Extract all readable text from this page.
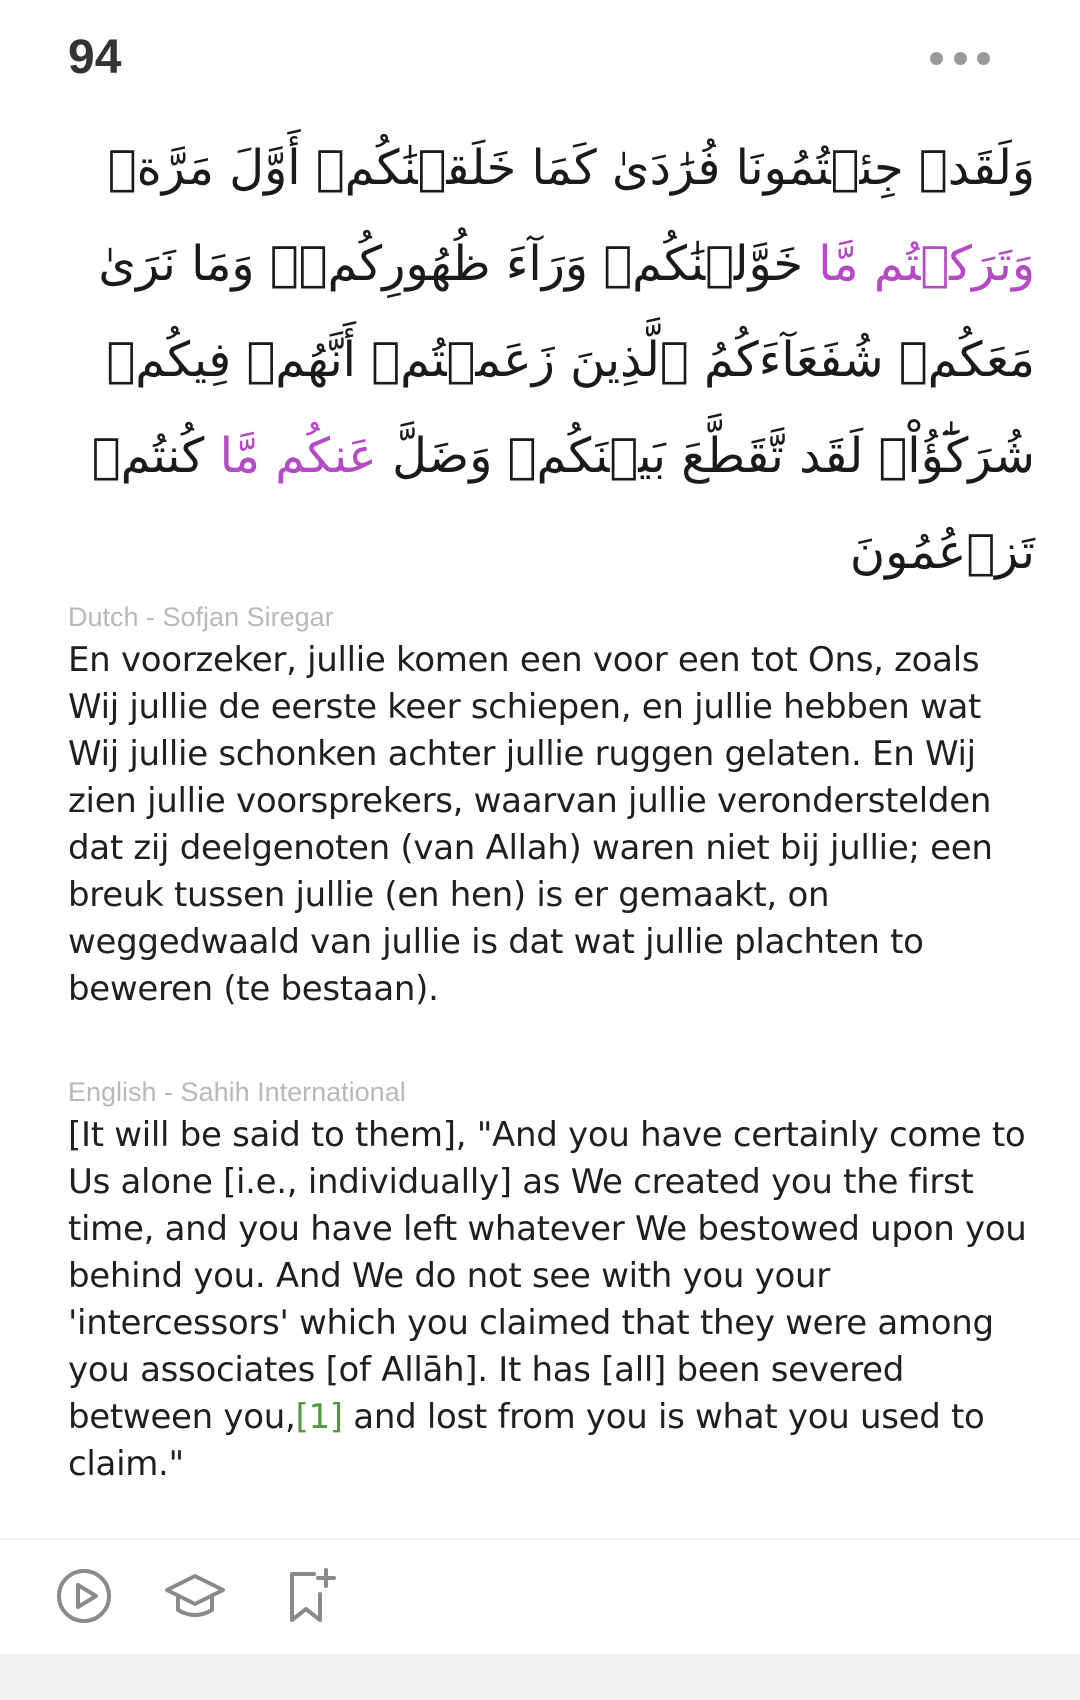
94
وَلَقَدۡ جِئۡتُمُونَا فُرَٰدَىٰ كَمَا خَلَقۡنَٰكُمۡ أَوَّلَ مَرَّةٖ وَتَرَكۡتُم مَّا خَوَّلۡنَٰكُمۡ وَرَآءَ ظُهُورِكُمۡۖ وَمَا نَرَىٰ مَعَكُمۡ شُفَعَآءَكُمُ ٱلَّذِينَ زَعَمۡتُمۡ أَنَّهُمۡ فِيكُمۡ شُرَكَٰٓؤُاْۚ لَقَد تَّقَطَّعَ بَيۡنَكُمۡ وَضَلَّ عَنكُم مَّا كُنتُمۡ تَزۡعُمُونَ
Dutch - Sofjan Siregar
En voorzeker, jullie komen een voor een tot Ons, zoals Wij jullie de eerste keer schiepen, en jullie hebben wat Wij jullie schonken achter jullie ruggen gelaten. En Wij zien jullie voorsprekers, waarvan jullie veronderstelden dat zij deelgenoten (van Allah) waren niet bij jullie; een breuk tussen jullie (en hen) is er gemaakt, on weggedwaald van jullie is dat wat jullie plachten to beweren (te bestaan).
English - Sahih International
[It will be said to them], "And you have certainly come to Us alone [i.e., individually] as We created you the first time, and you have left whatever We bestowed upon you behind you. And We do not see with you your 'intercessors' which you claimed that they were among you associates [of Allāh]. It has [all] been severed between you,[1] and lost from you is what you used to claim."
